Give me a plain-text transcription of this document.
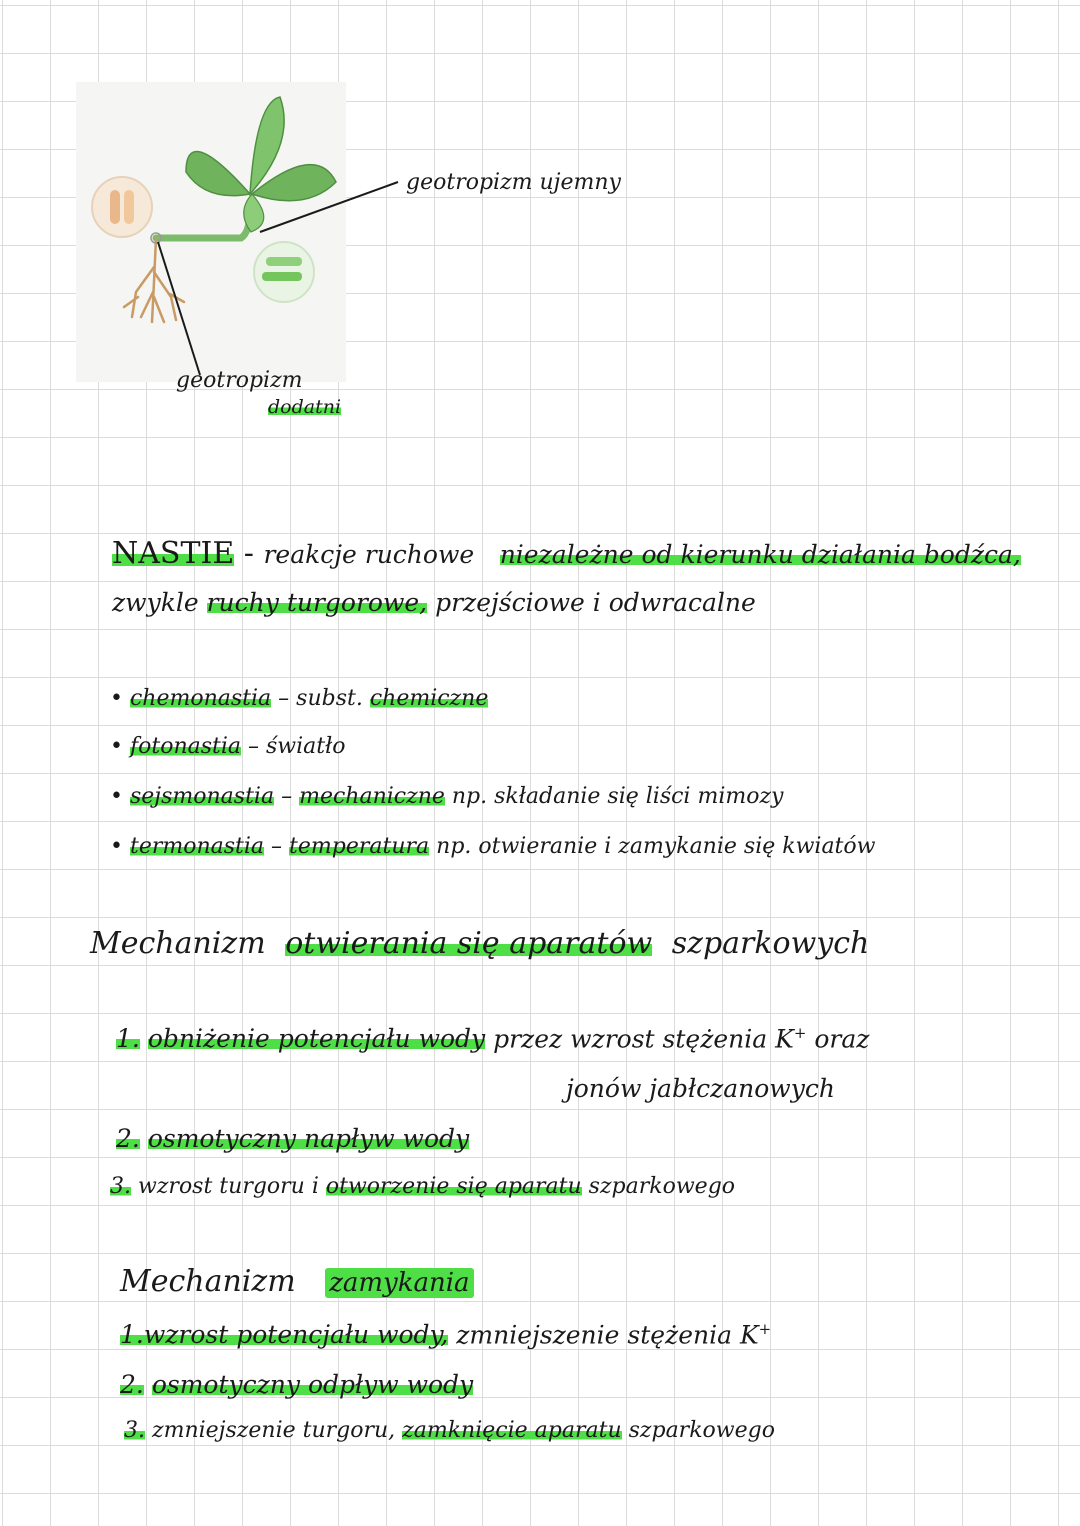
geotropizm ujemny
geotropizm
dodatni
NASTIE - reakcje ruchowe niezależne od kierunku działania bodźca,
zwykle ruchy turgorowe, przejściowe i odwracalne
• chemonastia – subst. chemiczne
• fotonastia – światło
• sejsmonastia – mechaniczne np. składanie się liści mimozy
• termonastia – temperatura np. otwieranie i zamykanie się kwiatów
Mechanizm otwierania się aparatów szparkowych
1. obniżenie potencjału wody przez wzrost stężenia K+ oraz
jonów jabłczanowych
2. osmotyczny napływ wody
3. wzrost turgoru i otworzenie się aparatu szparkowego
Mechanizm zamykania
1.wzrost potencjału wody, zmniejszenie stężenia K+
2. osmotyczny odpływ wody
3. zmniejszenie turgoru, zamknięcie aparatu szparkowego
